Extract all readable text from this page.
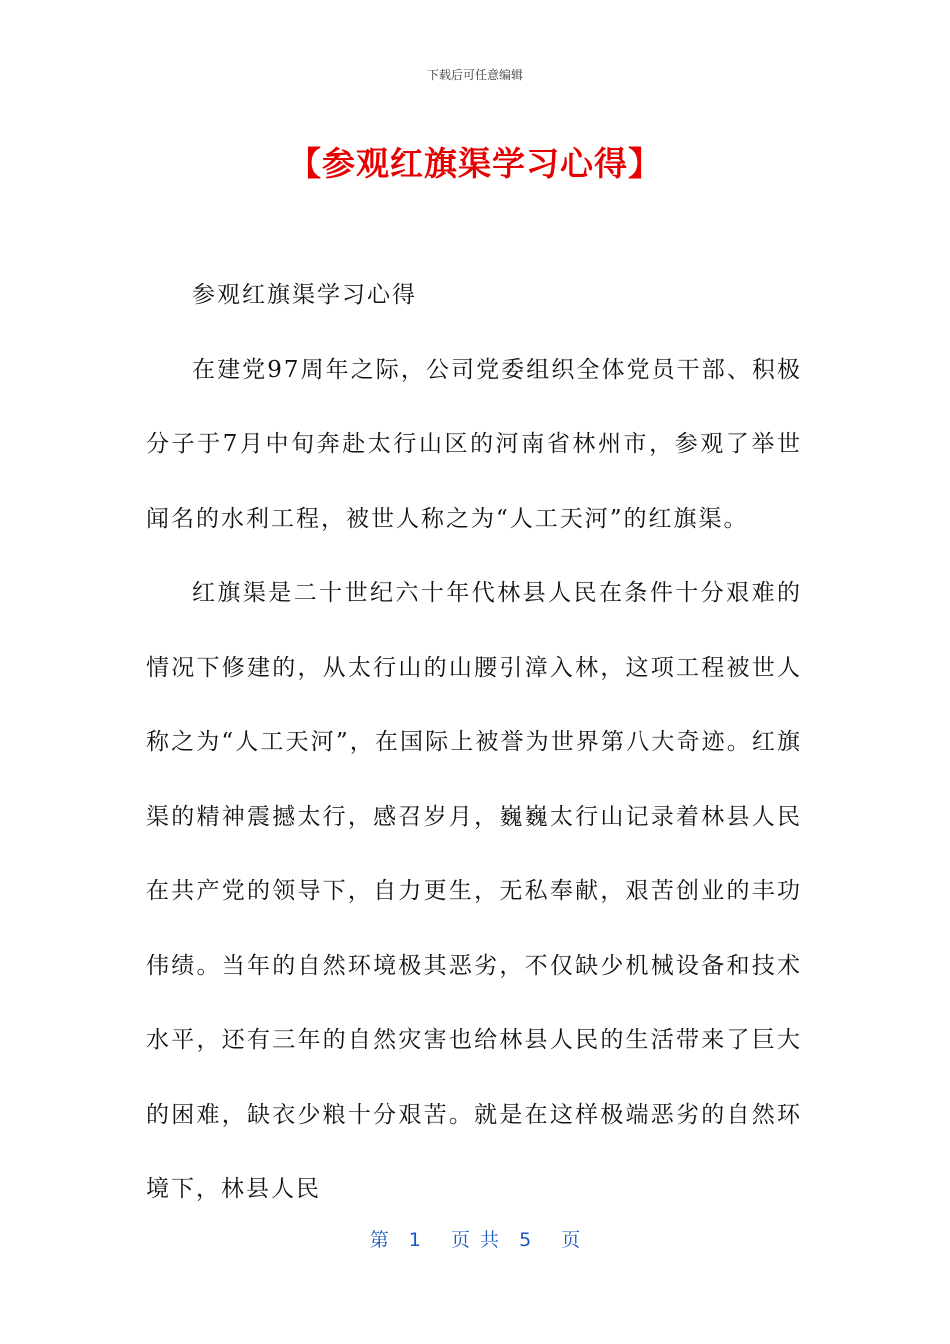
下载后可任意编辑
【参观红旗渠学习心得】

参观红旗渠学习心得

在建党97周年之际，公司党委组织全体党员干部、积极分子于7月中旬奔赴太行山区的河南省林州市，参观了举世闻名的水利工程，被世人称之为“人工天河”的红旗渠。

红旗渠是二十世纪六十年代林县人民在条件十分艰难的情况下修建的，从太行山的山腰引漳入林，这项工程被世人称之为“人工天河”，在国际上被誉为世界第八大奇迹。红旗渠的精神震撼太行，感召岁月，巍巍太行山记录着林县人民在共产党的领导下，自力更生，无私奉献，艰苦创业的丰功伟绩。当年的自然环境极其恶劣，不仅缺少机械设备和技术水平，还有三年的自然灾害也给林县人民的生活带来了巨大的困难，缺衣少粮十分艰苦。就是在这样极端恶劣的自然环境下，林县人民

第  1   页 共  5   页
